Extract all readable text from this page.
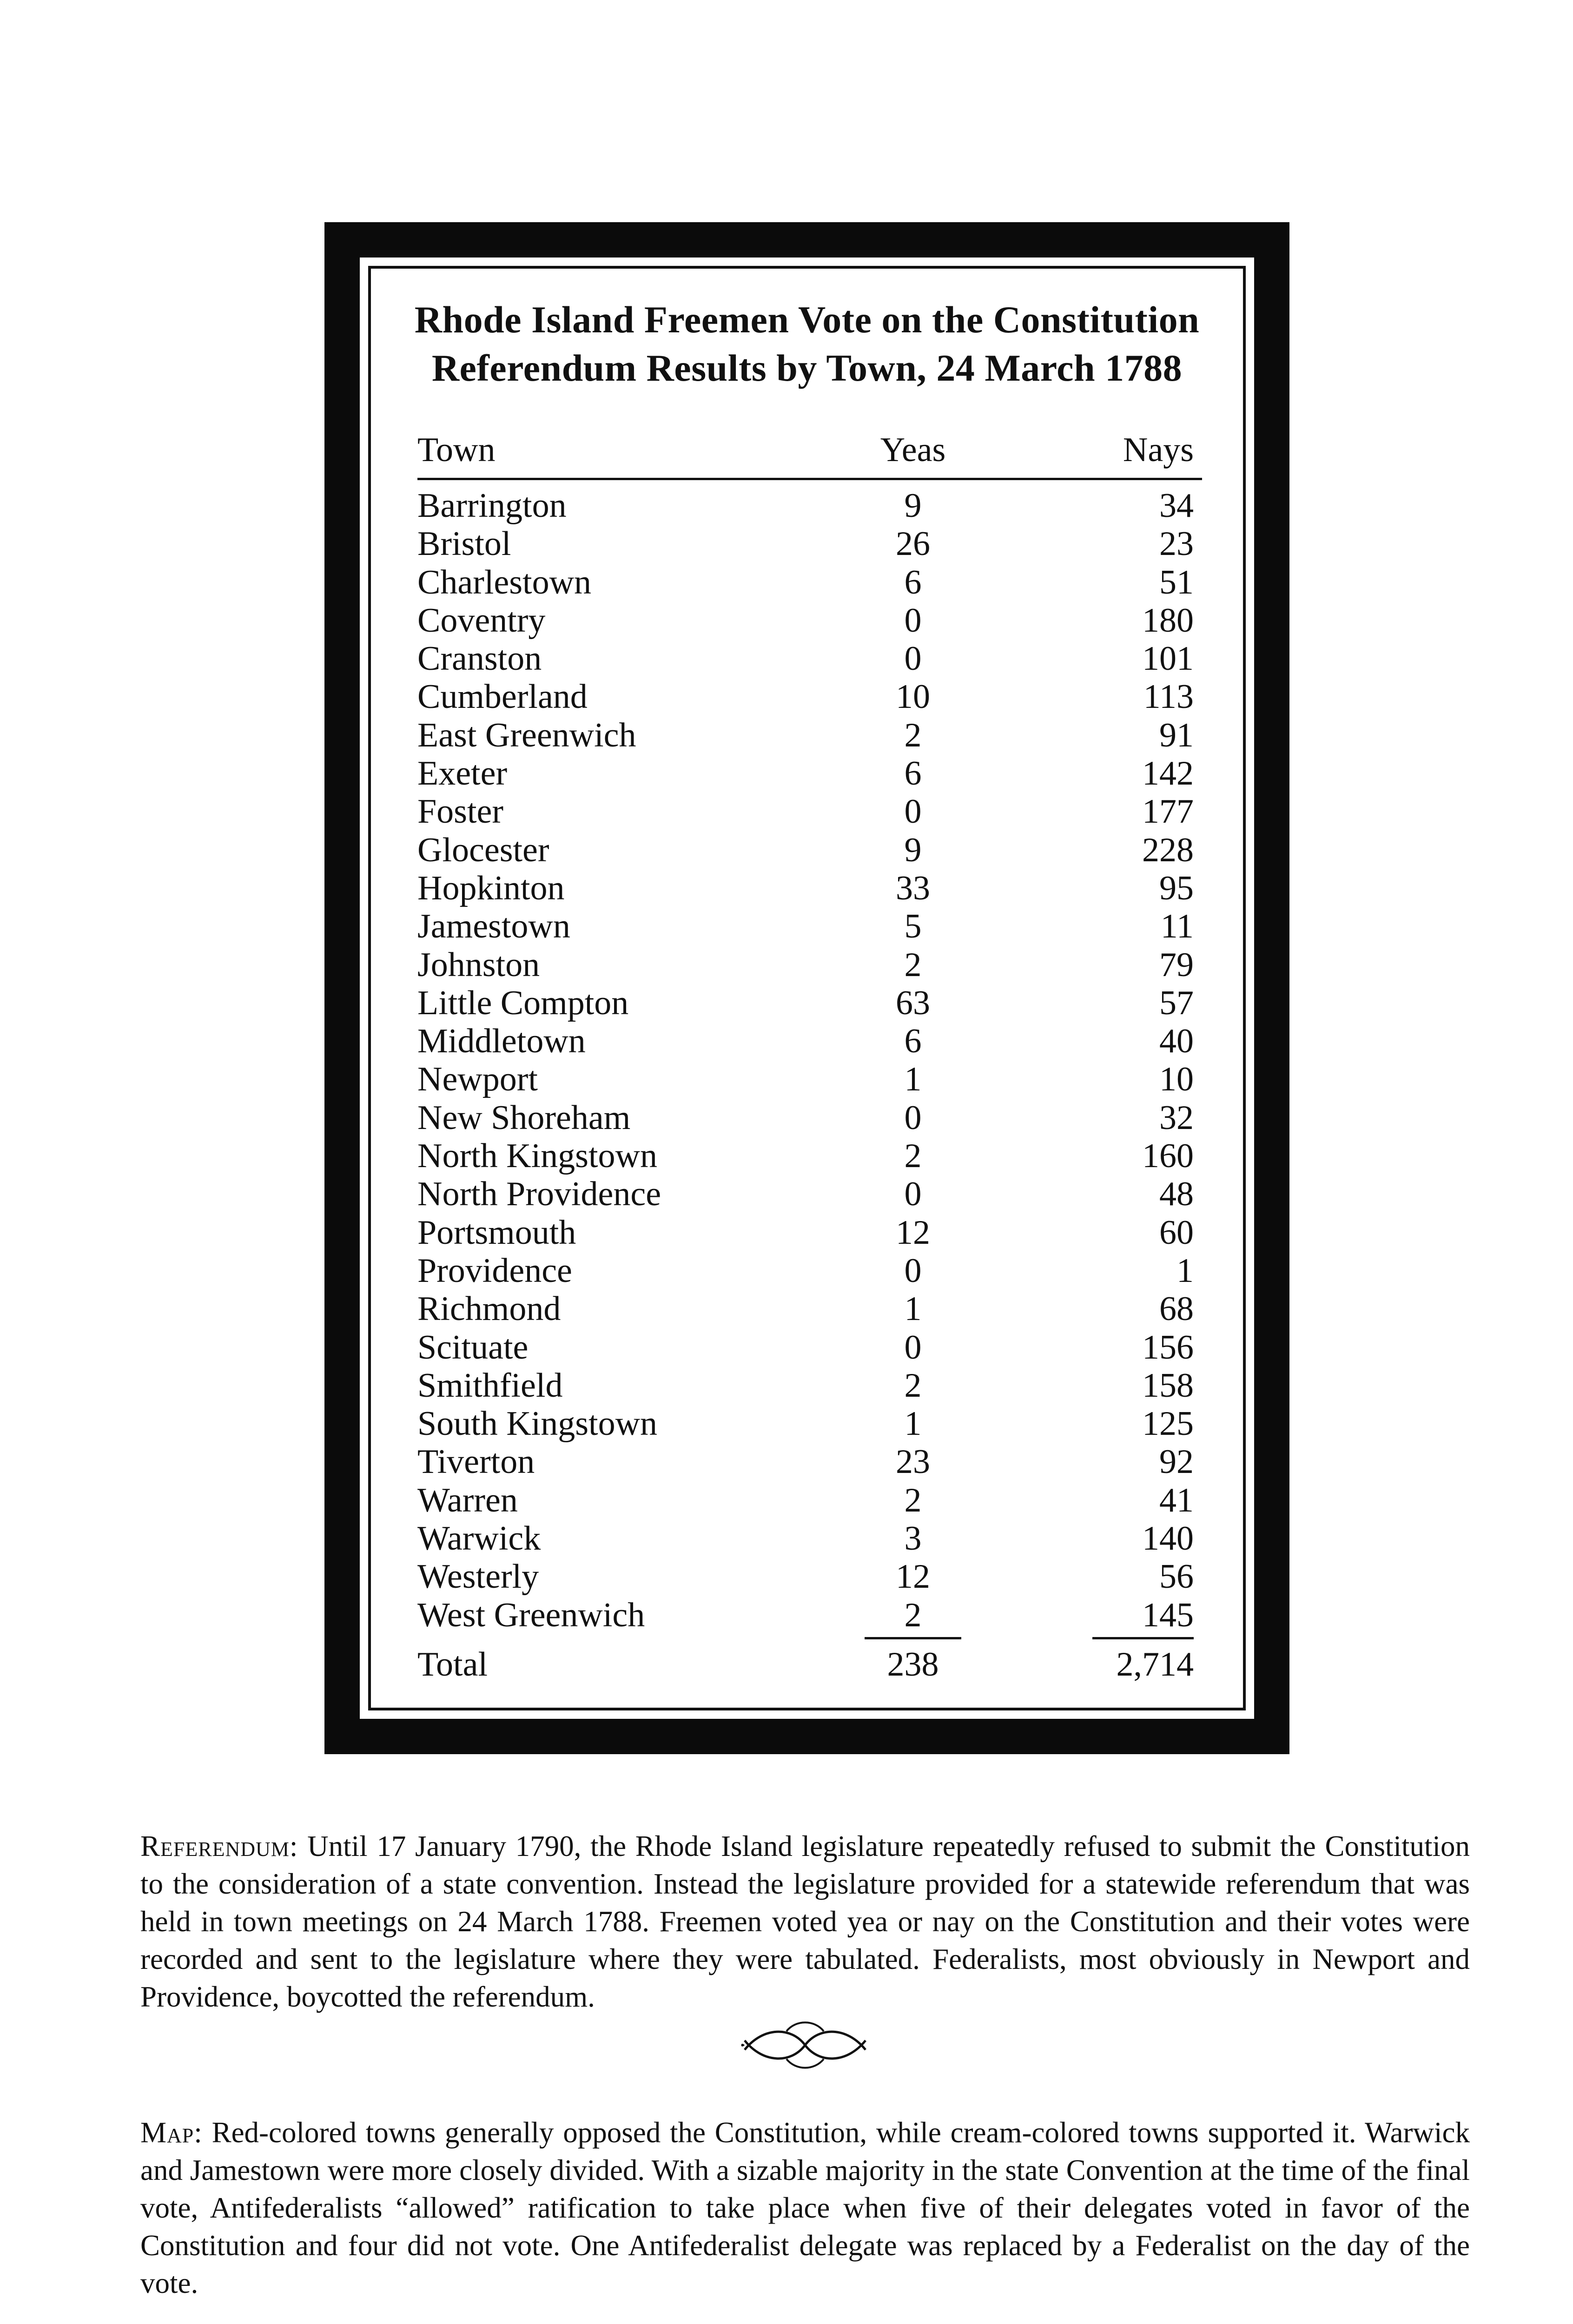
Rhode Island Freemen Vote on the Constitution
Referendum Results by Town, 24 March 1788
Town	Yeas	Nays
Barrington	9	34
Bristol	26	23
Charlestown	6	51
Coventry	0	180
Cranston	0	101
Cumberland	10	113
East Greenwich	2	91
Exeter	6	142
Foster	0	177
Glocester	9	228
Hopkinton	33	95
Jamestown	5	11
Johnston	2	79
Little Compton	63	57
Middletown	6	40
Newport	1	10
New Shoreham	0	32
North Kingstown	2	160
North Providence	0	48
Portsmouth	12	60
Providence	0	1
Richmond	1	68
Scituate	0	156
Smithfield	2	158
South Kingstown	1	125
Tiverton	23	92
Warren	2	41
Warwick	3	140
Westerly	12	56
West Greenwich	2	145
Total	238	2,714
Referendum: Until 17 January 1790, the Rhode Island legislature repeatedly refused to submit the Constitution to the consideration of a state convention. Instead the legislature provided for a statewide referendum that was held in town meetings on 24 March 1788. Freemen voted yea or nay on the Constitution and their votes were recorded and sent to the legislature where they were tabulated. Federalists, most obviously in Newport and Providence, boycotted the referendum.
Map: Red-colored towns generally opposed the Constitution, while cream-colored towns supported it. Warwick and Jamestown were more closely divided. With a sizable majority in the state Convention at the time of the final vote, Antifederalists “allowed” ratification to take place when five of their delegates voted in favor of the Constitution and four did not vote. One Antifederalist delegate was replaced by a Federalist on the day of the vote.
